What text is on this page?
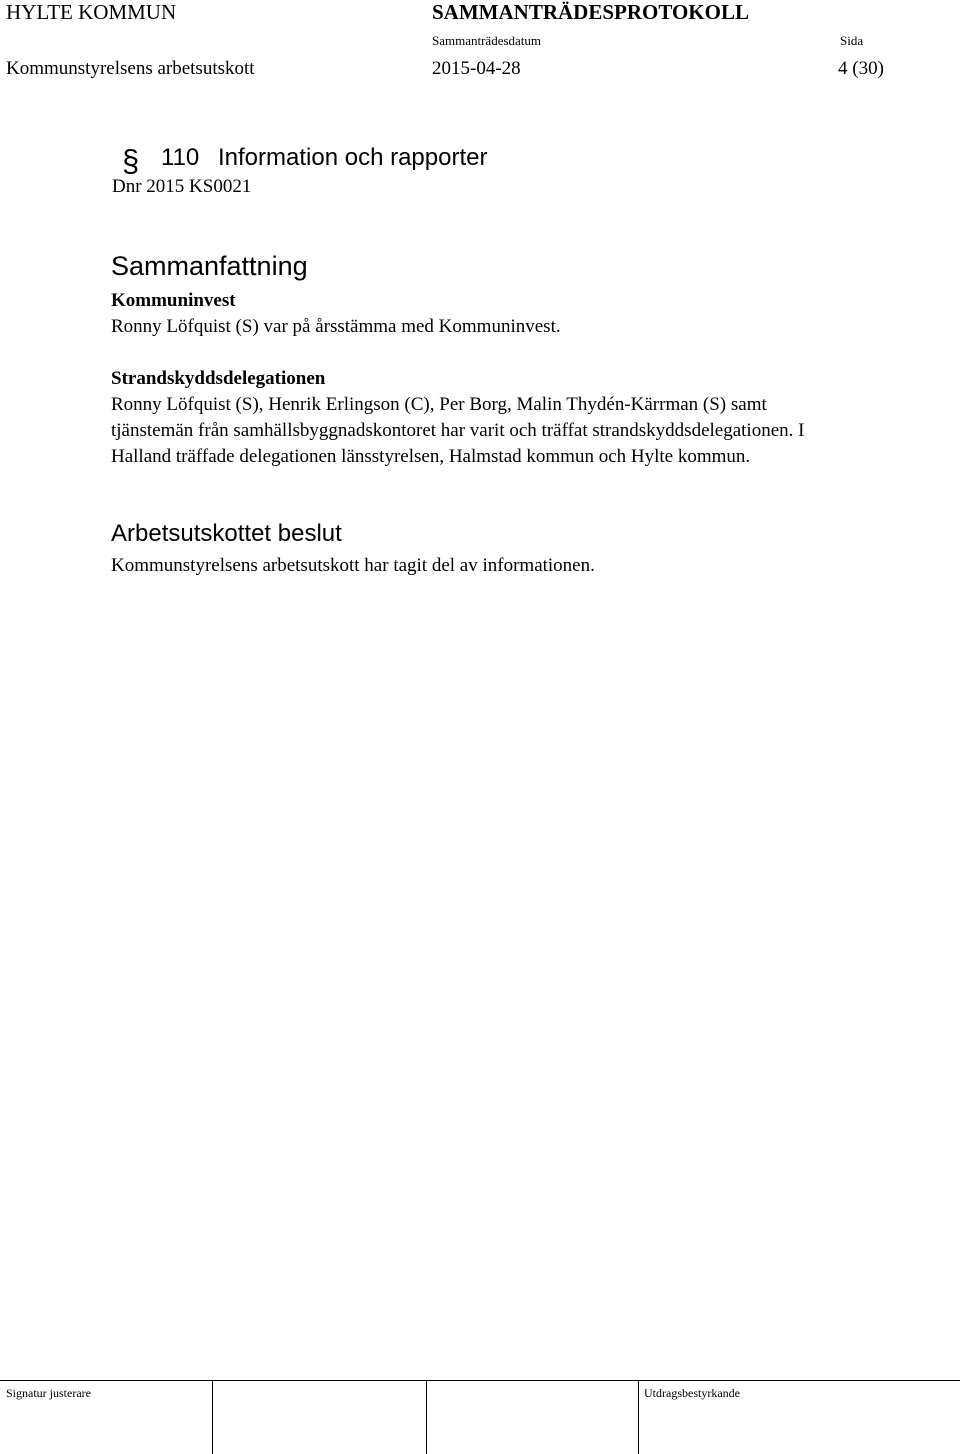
HYLTE KOMMUN	SAMMANTRÄDESPROTOKOLL
Sammanträdesdatum	Sida
Kommunstyrelsens arbetsutskott	2015-04-28	4 (30)
§ 110 Information och rapporter
Dnr 2015 KS0021
Sammanfattning
Kommuninvest
Ronny Löfquist (S) var på årsstämma med Kommuninvest.
Strandskyddsdelegationen
Ronny Löfquist (S), Henrik Erlingson (C), Per Borg, Malin Thydén-Kärrman (S) samt
tjänstemän från samhällsbyggnadskontoret har varit och träffat strandskyddsdelegationen. I
Halland träffade delegationen länsstyrelsen, Halmstad kommun och Hylte kommun.
Arbetsutskottet beslut
Kommunstyrelsens arbetsutskott har tagit del av informationen.
Signatur justerare	Utdragsbestyrkande
